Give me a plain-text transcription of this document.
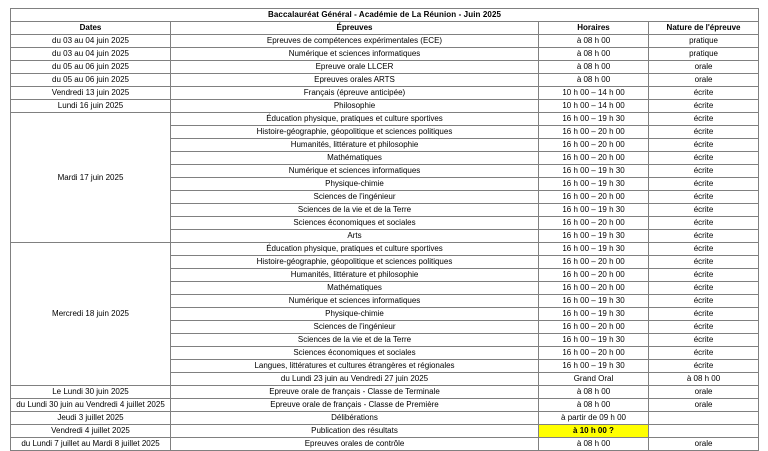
Baccalauréat Général - Académie de La Réunion - Juin 2025				
Dates	Épreuves	Horaires	Nature de l'épreuve	
du 03 au 04 juin 2025	Epreuves de compétences expérimentales (ECE)	à 08 h 00	pratique	
du 03 au 04 juin 2025	Numérique et sciences informatiques	à 08 h 00	pratique	
du 05 au 06 juin 2025	Epreuve orale LLCER	à 08 h 00	orale	
du 05 au 06 juin 2025	Epreuves orales ARTS	à 08 h 00	orale	
Vendredi 13 juin 2025	Français (épreuve anticipée)	10 h 00 – 14 h 00	écrite	
Lundi 16 juin 2025	Philosophie	10 h 00 – 14 h 00	écrite	
Mardi 17 juin 2025	Éducation physique, pratiques et culture sportives	16 h 00 – 19 h 30	écrite	
	Histoire-géographie, géopolitique et sciences politiques	16 h 00 – 20 h 00	écrite	
	Humanités, littérature et philosophie	16 h 00 – 20 h 00	écrite	
	Mathématiques	16 h 00 – 20 h 00	écrite	
	Numérique et sciences informatiques	16 h 00 – 19 h 30	écrite	
	Physique-chimie	16 h 00 – 19 h 30	écrite	
	Sciences de l'ingénieur	16 h 00 – 20 h 00	écrite	
	Sciences de la vie et de la Terre	16 h 00 – 19 h 30	écrite	
	Sciences économiques et sociales	16 h 00 – 20 h 00	écrite	
	Arts	16 h 00 – 19 h 30	écrite	
Mercredi 18 juin 2025	Éducation physique, pratiques et culture sportives	16 h 00 – 19 h 30	écrite	
	Histoire-géographie, géopolitique et sciences politiques	16 h 00 – 20 h 00	écrite	
	Humanités, littérature et philosophie	16 h 00 – 20 h 00	écrite	
	Mathématiques	16 h 00 – 20 h 00	écrite	
	Numérique et sciences informatiques	16 h 00 – 19 h 30	écrite	
	Physique-chimie	16 h 00 – 19 h 30	écrite	
	Sciences de l'ingénieur	16 h 00 – 20 h 00	écrite	
	Sciences de la vie et de la Terre	16 h 00 – 19 h 30	écrite	
	Sciences économiques et sociales	16 h 00 – 20 h 00	écrite	
	Langues, littératures et cultures étrangères et régionales	16 h 00 – 19 h 30	écrite	
	du Lundi 23 juin au Vendredi 27 juin 2025	Grand Oral	à 08 h 00	
Le Lundi 30 juin 2025	Epreuve orale de français - Classe de Terminale	à 08 h 00	orale	
du Lundi 30 juin au Vendredi 4 juillet 2025	Epreuve orale de français - Classe de Première	à 08 h 00	orale	
Jeudi 3 juillet 2025	Délibérations	à partir de 09 h 00		
Vendredi 4 juillet 2025	Publication des résultats	à 10 h 00 ?		
du Lundi 7 juillet au Mardi 8 juillet 2025	Epreuves orales de contrôle	à 08 h 00	orale	
